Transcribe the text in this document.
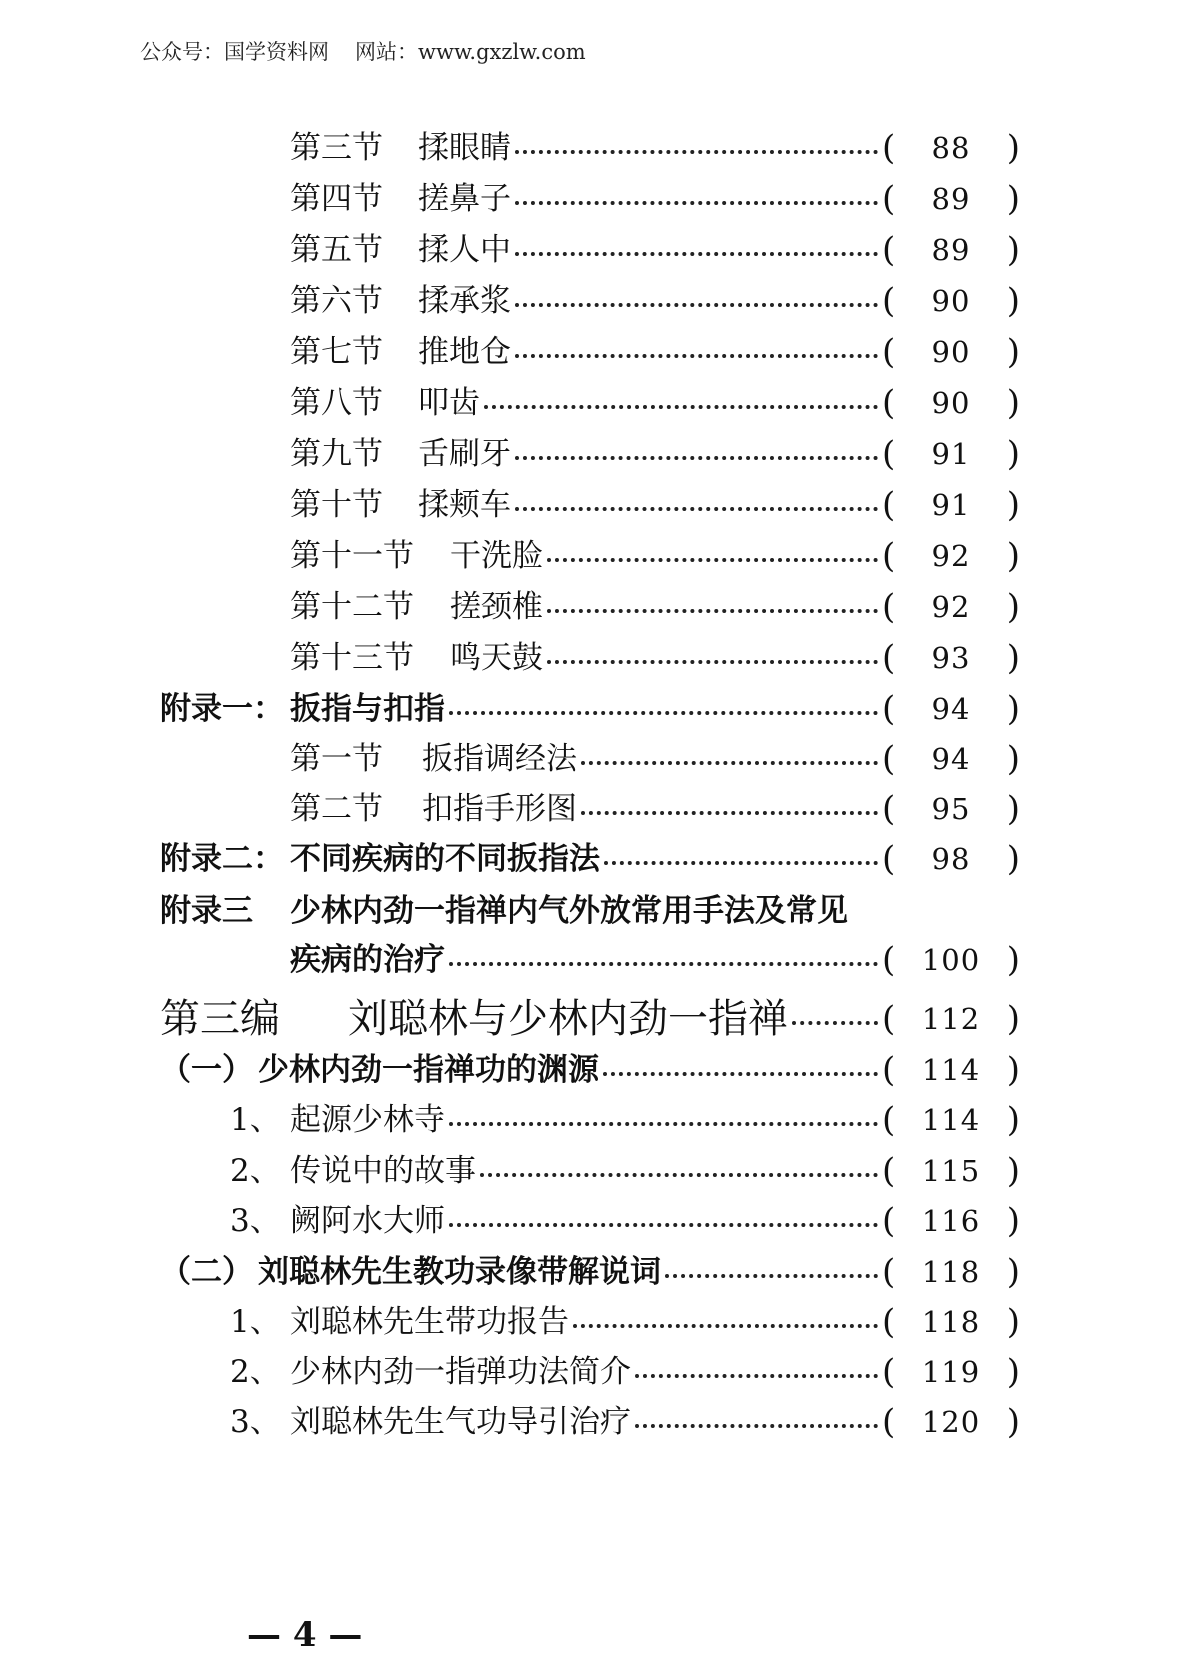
公众号：国学资料网 网站：www.gxzlw.com
第三节	揉眼睛	( 88 )
第四节	搓鼻子	( 89 )
第五节	揉人中	( 89 )
第六节	揉承浆	( 90 )
第七节	推地仓	( 90 )
第八节	叩齿	( 90 )
第九节	舌刷牙	( 91 )
第十节	揉颊车	( 91 )
第十一节	干洗脸	( 92 )
第十二节	搓颈椎	( 92 )
第十三节	鸣天鼓	( 93 )
附录一： 扳指与扣指	( 94 )
第一节	扳指调经法	( 94 )
第二节	扣指手形图	( 95 )
附录二： 不同疾病的不同扳指法	( 98 )
附录三	少林内劲一指禅内气外放常用手法及常见
疾病的治疗	( 100 )
第三编	刘聪林与少林内劲一指禅	( 112 )
（一） 少林内劲一指禅功的渊源	( 114 )
1、 起源少林寺	( 114 )
2、 传说中的故事	( 115 )
3、 阙阿水大师	( 116 )
（二） 刘聪林先生教功录像带解说词	( 118 )
1、 刘聪林先生带功报告	( 118 )
2、 少林内劲一指弹功法简介	( 119 )
3、 刘聪林先生气功导引治疗	( 120 )
— 4 —
